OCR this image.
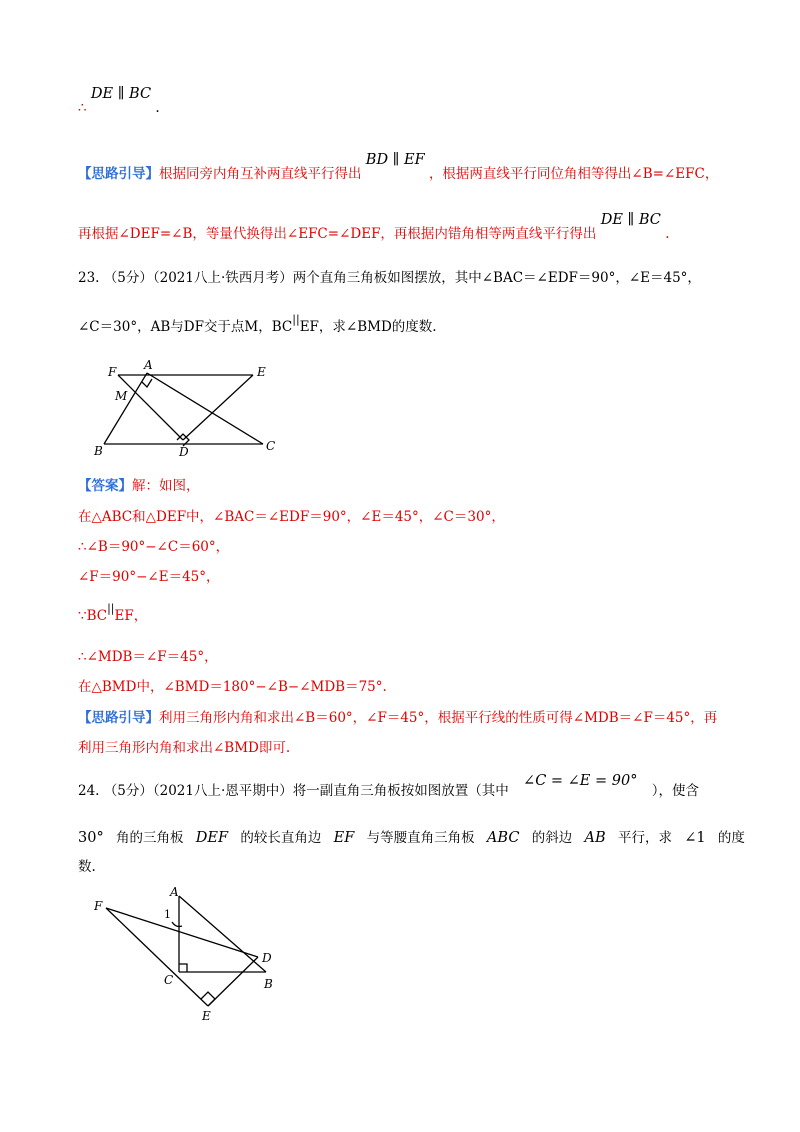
∴ DE ∥ BC .
【思路引导】根据同旁内角互补两直线平行得出 BD ∥ EF ，根据两直线平行同位角相等得出∠B=∠EFC，
再根据∠DEF=∠B，等量代换得出∠EFC=∠DEF，再根据内错角相等两直线平行得出 DE ∥ BC .
23. （5分）（2021八上·铁西月考）两个直角三角板如图摆放，其中∠BAC＝∠EDF＝90°，∠E＝45°，
∠C＝30°，AB与DF交于点M，BC||EF，求∠BMD的度数.
F A	E
M
B	D	C
【答案】解：如图，
在△ABC和△DEF中，∠BAC＝∠EDF＝90°，∠E＝45°，∠C＝30°，
∴∠B＝90°−∠C＝60°，
∠F＝90°−∠E＝45°，
∵BC||EF，
∴∠MDB＝∠F＝45°，
在△BMD中，∠BMD＝180°−∠B−∠MDB＝75°.
【思路引导】利用三角形内角和求出∠B＝60°，∠F＝45°，根据平行线的性质可得∠MDB＝∠F＝45°，再
利用三角形内角和求出∠BMD即可.
24. （5分）（2021八上·恩平期中）将一副直角三角板按如图放置（其中 ∠C = ∠E = 90° ），使含
30° 角的三角板 DEF 的较长直角边 EF 与等腰直角三角板 ABC 的斜边 AB 平行，求 ∠1 的度
数.
F
A
1
D
C	B
E
